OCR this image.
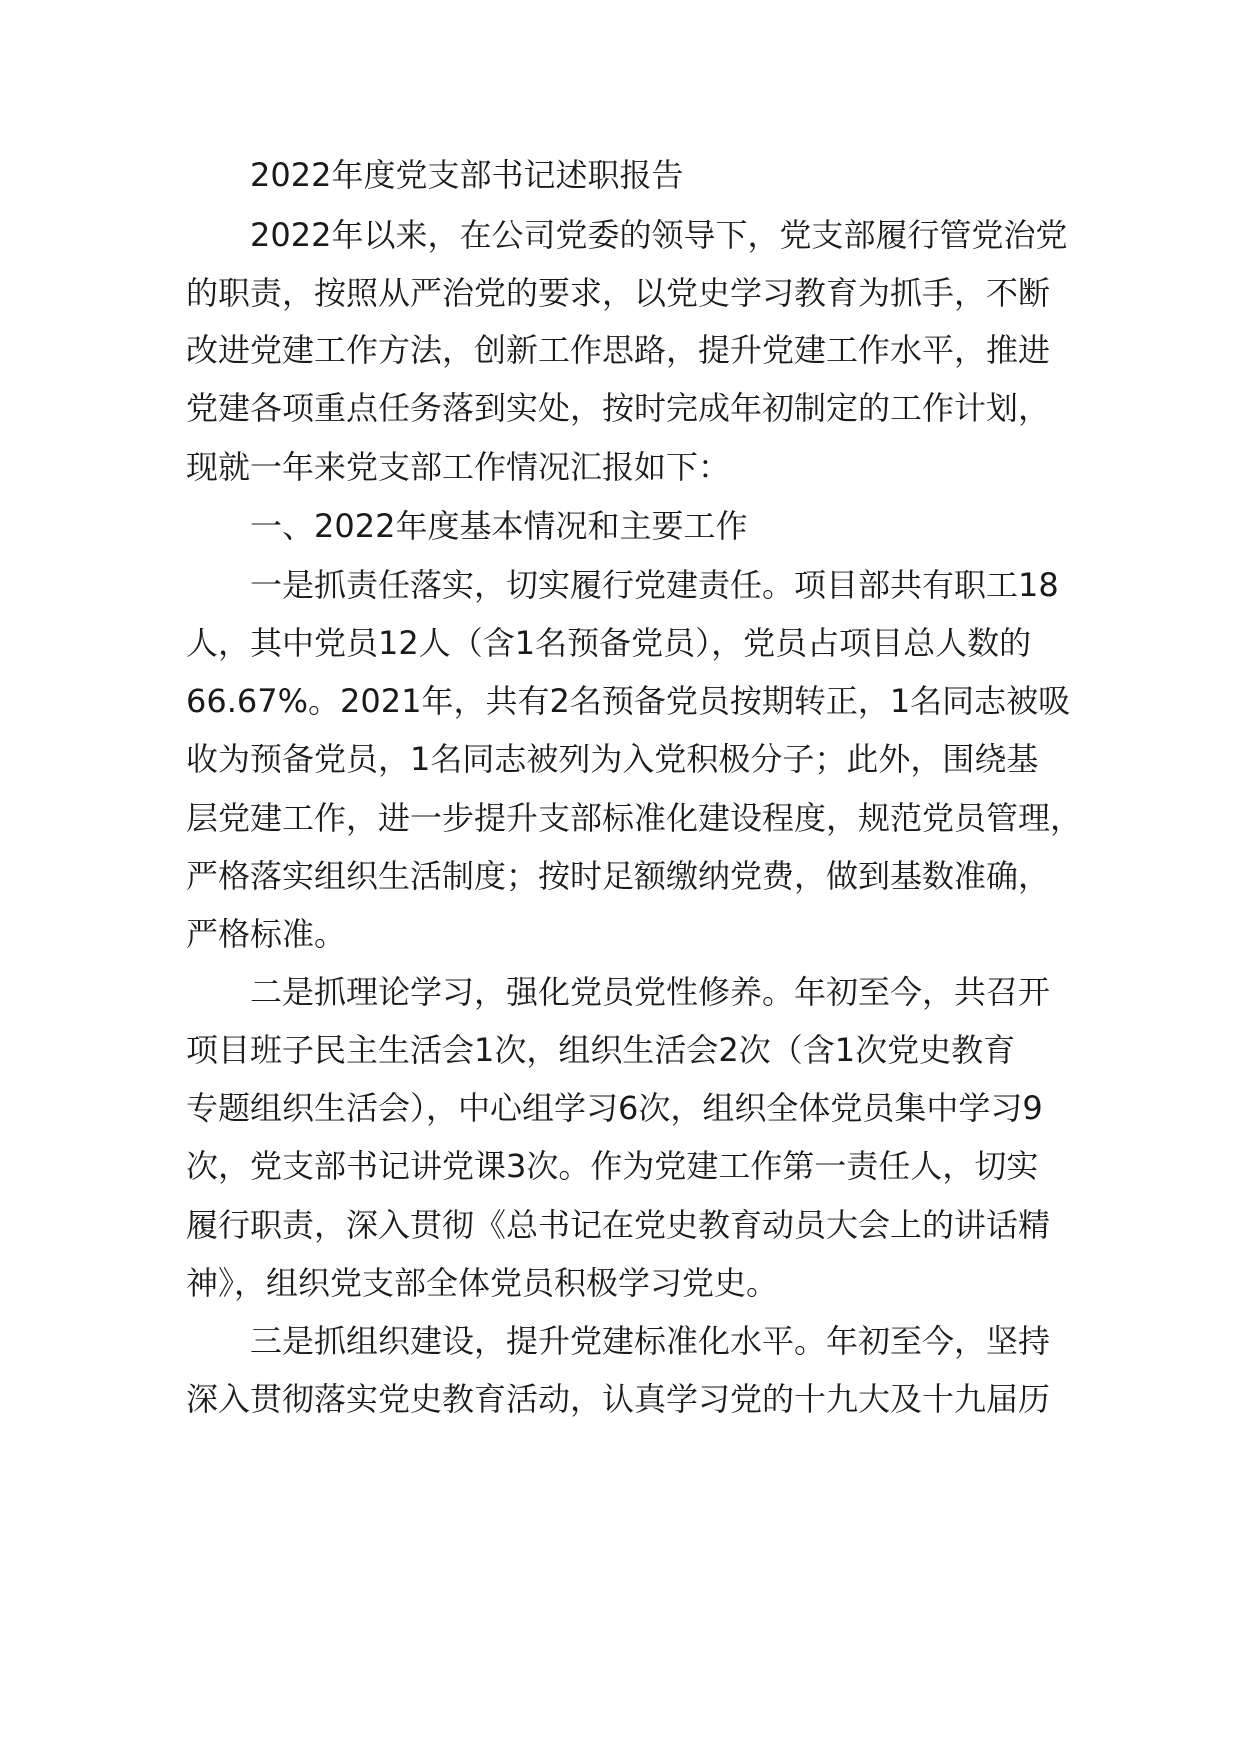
2022年度党支部书记述职报告
2022年以来，在公司党委的领导下，党支部履行管党治党
的职责，按照从严治党的要求，以党史学习教育为抓手，不断
改进党建工作方法，创新工作思路，提升党建工作水平，推进
党建各项重点任务落到实处，按时完成年初制定的工作计划，
现就一年来党支部工作情况汇报如下：
一、2022年度基本情况和主要工作
一是抓责任落实，切实履行党建责任。项目部共有职工18
人，其中党员12人（含1名预备党员），党员占项目总人数的
66.67%。2021年，共有2名预备党员按期转正，1名同志被吸
收为预备党员，1名同志被列为入党积极分子；此外，围绕基
层党建工作，进一步提升支部标准化建设程度，规范党员管理，
严格落实组织生活制度；按时足额缴纳党费，做到基数准确，
严格标准。
二是抓理论学习，强化党员党性修养。年初至今，共召开
项目班子民主生活会1次，组织生活会2次（含1次党史教育
专题组织生活会），中心组学习6次，组织全体党员集中学习9
次，党支部书记讲党课3次。作为党建工作第一责任人，切实
履行职责，深入贯彻《总书记在党史教育动员大会上的讲话精
神》，组织党支部全体党员积极学习党史。
三是抓组织建设，提升党建标准化水平。年初至今，坚持
深入贯彻落实党史教育活动，认真学习党的十九大及十九届历
